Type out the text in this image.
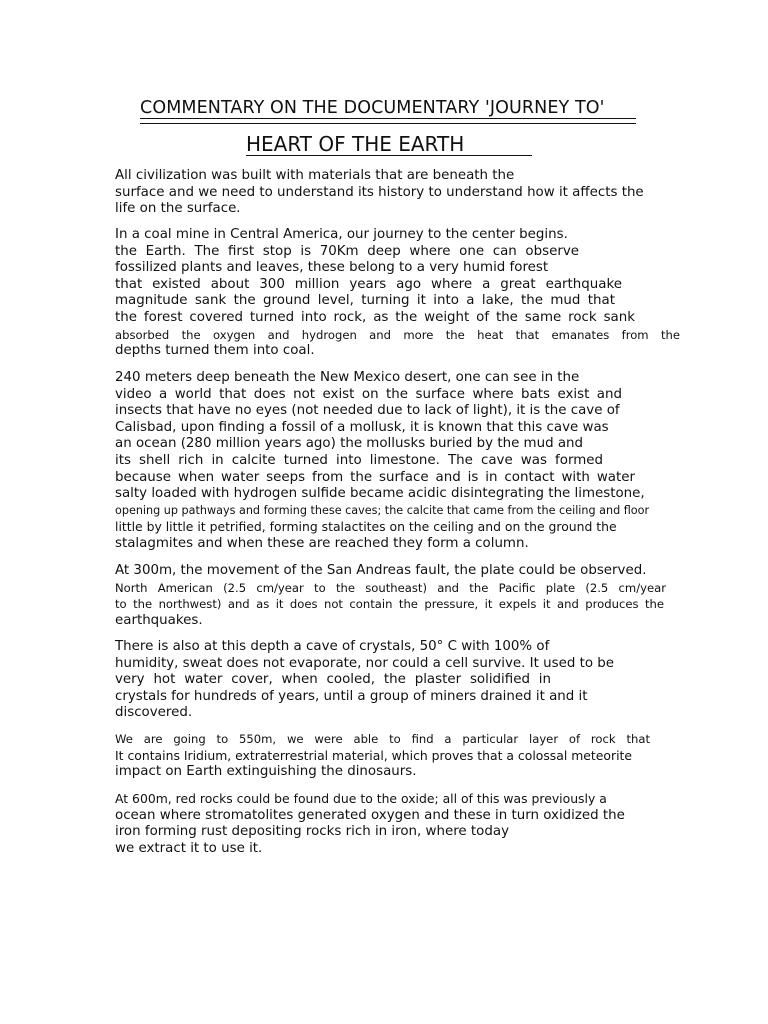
COMMENTARY ON THE DOCUMENTARY 'JOURNEY TO'
HEART OF THE EARTH
All civilization was built with materials that are beneath the
surface and we need to understand its history to understand how it affects the
life on the surface.
In a coal mine in Central America, our journey to the center begins.
the Earth. The first stop is 70Km deep where one can observe
fossilized plants and leaves, these belong to a very humid forest
that existed about 300 million years ago where a great earthquake
magnitude sank the ground level, turning it into a lake, the mud that
the forest covered turned into rock, as the weight of the same rock sank
absorbed the oxygen and hydrogen and more the heat that emanates from the
depths turned them into coal.
240 meters deep beneath the New Mexico desert, one can see in the
video a world that does not exist on the surface where bats exist and
insects that have no eyes (not needed due to lack of light), it is the cave of
Calisbad, upon finding a fossil of a mollusk, it is known that this cave was
an ocean (280 million years ago) the mollusks buried by the mud and
its shell rich in calcite turned into limestone. The cave was formed
because when water seeps from the surface and is in contact with water
salty loaded with hydrogen sulfide became acidic disintegrating the limestone,
opening up pathways and forming these caves; the calcite that came from the ceiling and floor
little by little it petrified, forming stalactites on the ceiling and on the ground the
stalagmites and when these are reached they form a column.
At 300m, the movement of the San Andreas fault, the plate could be observed.
North American (2.5 cm/year to the southeast) and the Pacific plate (2.5 cm/year
to the northwest) and as it does not contain the pressure, it expels it and produces the
earthquakes.
There is also at this depth a cave of crystals, 50° C with 100% of
humidity, sweat does not evaporate, nor could a cell survive. It used to be
very hot water cover, when cooled, the plaster solidified in
crystals for hundreds of years, until a group of miners drained it and it
discovered.
We are going to 550m, we were able to find a particular layer of rock that
It contains Iridium, extraterrestrial material, which proves that a colossal meteorite
impact on Earth extinguishing the dinosaurs.
At 600m, red rocks could be found due to the oxide; all of this was previously a
ocean where stromatolites generated oxygen and these in turn oxidized the
iron forming rust depositing rocks rich in iron, where today
we extract it to use it.
